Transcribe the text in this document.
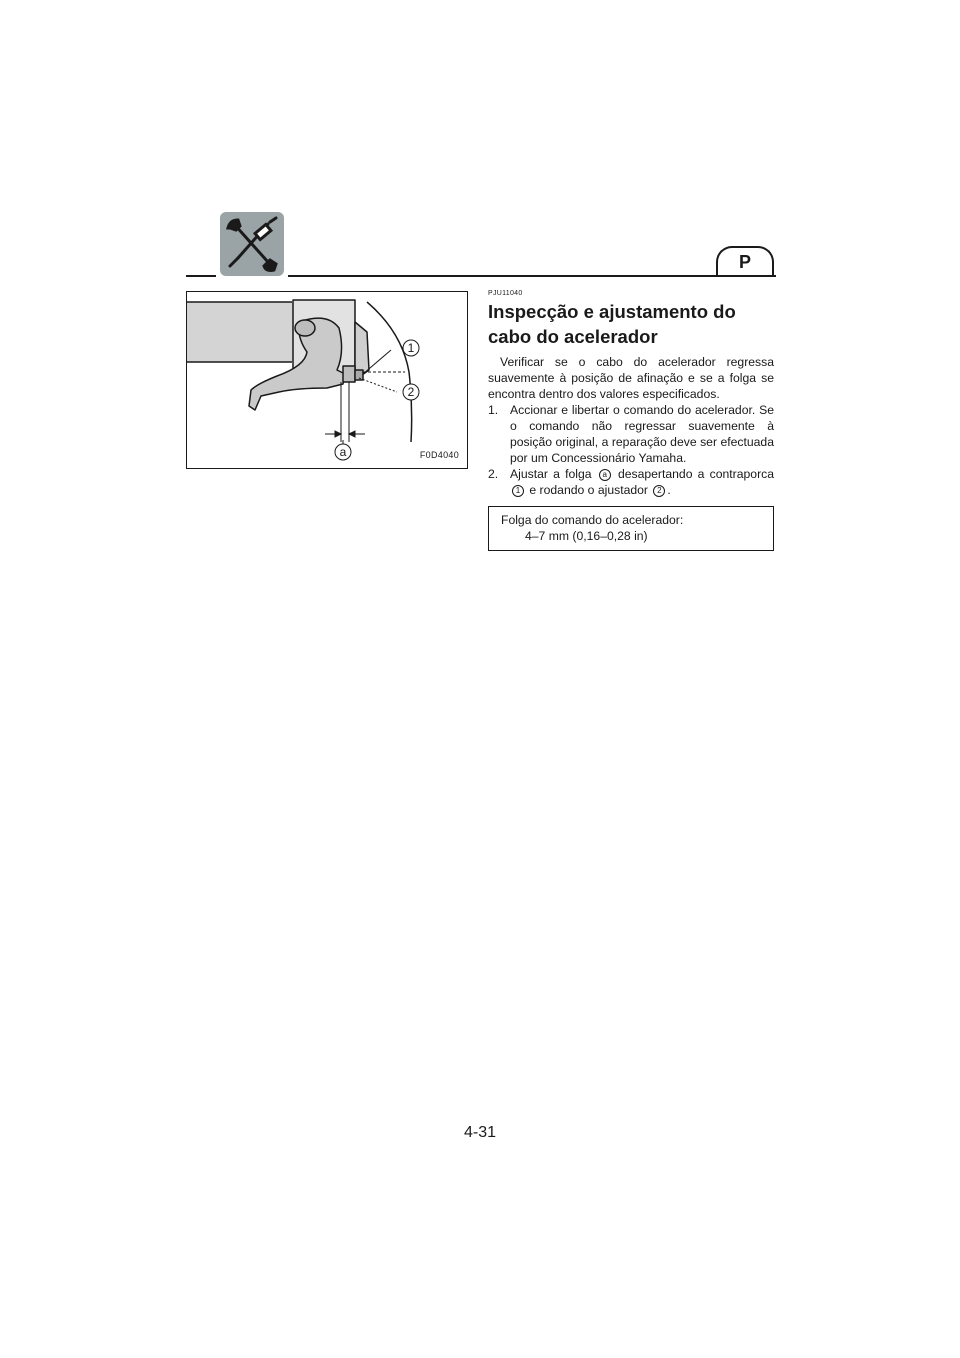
P
1
2
a	F0D4040

PJU11040

Inspecção e ajustamento do cabo do acelerador

Verificar se o cabo do acelerador regressa suavemente à posição de afinação e se a folga se encontra dentro dos valores especificados.

1. Accionar e libertar o comando do acelerador. Se o comando não regressar suavemente à posição original, a reparação deve ser efectuada por um Concessionário Yamaha.
2. Ajustar a folga a desapertando a contraporca 1 e rodando o ajustador 2 .
Folga do comando do acelerador:
4–7 mm (0,16–0,28 in)
4-31
